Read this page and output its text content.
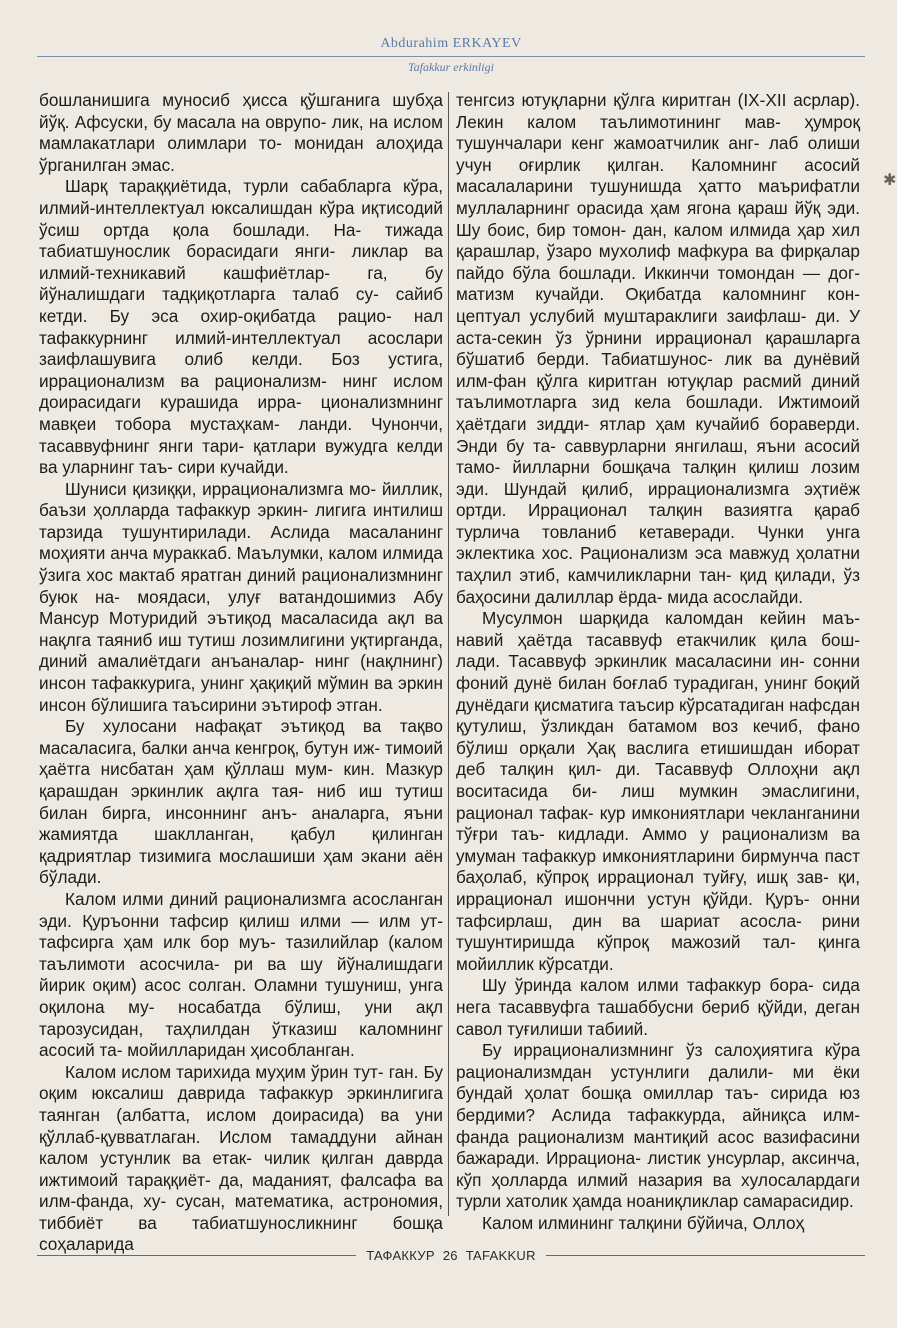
Abdurahim ERKAYEV
Tafakkur erkinligi

бошланишига муносиб ҳисса қўшганига шубҳа йўқ. Афсуски, бу масала на оврупо- лик, на ислом мамлакатлари олимлари то- монидан алоҳида ўрганилган эмас.

Шарқ тараққиётида, турли сабабларга кўра, илмий-интеллектуал юксалишдан кўра иқтисодий ўсиш ортда қола бошлади. На- тижада табиатшунослик борасидаги янги- ликлар ва илмий-техникавий кашфиётлар- га, бу йўналишдаги тадқиқотларга талаб су- сайиб кетди. Бу эса охир-оқибатда рацио- нал тафаккурнинг илмий-интеллектуал асослари заифлашувига олиб келди. Боз устига, иррационализм ва рационализм- нинг ислом доирасидаги курашида ирра- ционализмнинг мавқеи тобора мустаҳкам- ланди. Чунончи, тасаввуфнинг янги тари- қатлари вужудга келди ва уларнинг таъ- сири кучайди.

Шуниси қизиққи, иррационализмга мо- йиллик, баъзи ҳолларда тафаккур эркин- лигига интилиш тарзида тушунтирилади. Аслида масаланинг моҳияти анча мураккаб. Маълумки, калом илмида ўзига хос мактаб яратган диний рационализмнинг буюк на- моядаси, улуғ ватандошимиз Абу Мансур Мотуридий эътиқод масаласида ақл ва нақлга таяниб иш тутиш лозимлигини уқтирганда, диний амалиётдаги анъаналар- нинг (нақлнинг) инсон тафаккурига, унинг ҳақиқий мўмин ва эркин инсон бўлишига таъсирини эътироф этган.

Бу хулосани нафақат эътиқод ва тақво масаласига, балки анча кенгроқ, бутун иж- тимоий ҳаётга нисбатан ҳам қўллаш мум- кин. Мазкур қарашдан эркинлик ақлга тая- ниб иш тутиш билан бирга, инсоннинг анъ- аналарга, яъни жамиятда шаклланган, қабул қилинган қадриятлар тизимига мослашиши ҳам экани аён бўлади.

Калом илми диний рационализмга асосланган эди. Қуръонни тафсир қилиш илми — илм ут-тафсирга ҳам илк бор муъ- тазилийлар (калом таълимоти асосчила- ри ва шу йўналишдаги йирик оқим) асос солган. Оламни тушуниш, унга оқилона му- носабатда бўлиш, уни ақл тарозусидан, таҳлилдан ўтказиш каломнинг асосий та- мойилларидан ҳисобланган.

Калом ислом тарихида муҳим ўрин тут- ган. Бу оқим юксалиш даврида тафаккур эркинлигига таянган (албатта, ислом доирасида) ва уни қўллаб-қувватлаган. Ислом тамаддуни айнан калом устунлик ва етак- чилик қилган даврда ижтимоий тараққиёт- да, маданият, фалсафа ва илм-фанда, ху- сусан, математика, астрономия, тиббиёт ва табиатшуносликнинг бошқа соҳаларида

тенгсиз ютуқларни қўлга киритган (IX-XII асрлар). Лекин калом таълимотининг мав- ҳумроқ тушунчалари кенг жамоатчилик анг- лаб олиши учун оғирлик қилган. Каломнинг асосий масалаларини тушунишда ҳатто маърифатли муллаларнинг орасида ҳам ягона қараш йўқ эди. Шу боис, бир томон- дан, калом илмида ҳар хил қарашлар, ўзаро мухолиф мафкура ва фирқалар пайдо бўла бошлади. Иккинчи томондан — дог- матизм кучайди. Оқибатда каломнинг кон- цептуал услубий муштараклиги заифлаш- ди. У аста-секин ўз ўрнини иррационал қарашларга бўшатиб берди. Табиатшунос- лик ва дунёвий илм-фан қўлга киритган ютуқлар расмий диний таълимотларга зид кела бошлади. Ижтимоий ҳаётдаги зидди- ятлар ҳам кучайиб бораверди. Энди бу та- саввурларни янгилаш, яъни асосий тамо- йилларни бошқача талқин қилиш лозим эди. Шундай қилиб, иррационализмга эҳтиёж ортди. Иррационал талқин вазиятга қараб турлича товланиб кетаверади. Чунки унга эклектика хос. Рационализм эса мавжуд ҳолатни таҳлил этиб, камчиликларни тан- қид қилади, ўз баҳосини далиллар ёрда- мида асослайди.

Мусулмон шарқида каломдан кейин маъ- навий ҳаётда тасаввуф етакчилик қила бош- лади. Тасаввуф эркинлик масаласини ин- сонни фоний дунё билан боғлаб турадиган, унинг боқий дунёдаги қисматига таъсир кўрсатадиган нафсдан қутулиш, ўзликдан батамом воз кечиб, фано бўлиш орқали Ҳақ васлига етишишдан иборат деб талқин қил- ди. Тасаввуф Оллоҳни ақл воситасида би- лиш мумкин эмаслигини, рационал тафак- кур имкониятлари чекланганини тўғри таъ- кидлади. Аммо у рационализм ва умуман тафаккур имкониятларини бирмунча паст баҳолаб, кўпроқ иррационал туйғу, ишқ зав- қи, иррационал ишончни устун қўйди. Қуръ- онни тафсирлаш, дин ва шариат асосла- рини тушунтиришда кўпроқ мажозий тал- қинга мойиллик кўрсатди.

Шу ўринда калом илми тафаккур бора- сида нега тасаввуфга ташаббусни бериб қўйди, деган савол туғилиши табиий.

Бу иррационализмнинг ўз салоҳиятига кўра рационализмдан устунлиги далили- ми ёки бундай ҳолат бошқа омиллар таъ- сирида юз бердими? Аслида тафаккурда, айниқса илм-фанда рационализм мантиқий асос вазифасини бажаради. Иррациона- листик унсурлар, аксинча, кўп ҳолларда илмий назария ва хулосалардаги турли хатолик ҳамда ноаниқликлар самарасидир.

Калом илмининг талқини бўйича, Оллоҳ

✱
ТАФАККУР 26 TAFAKKUR
